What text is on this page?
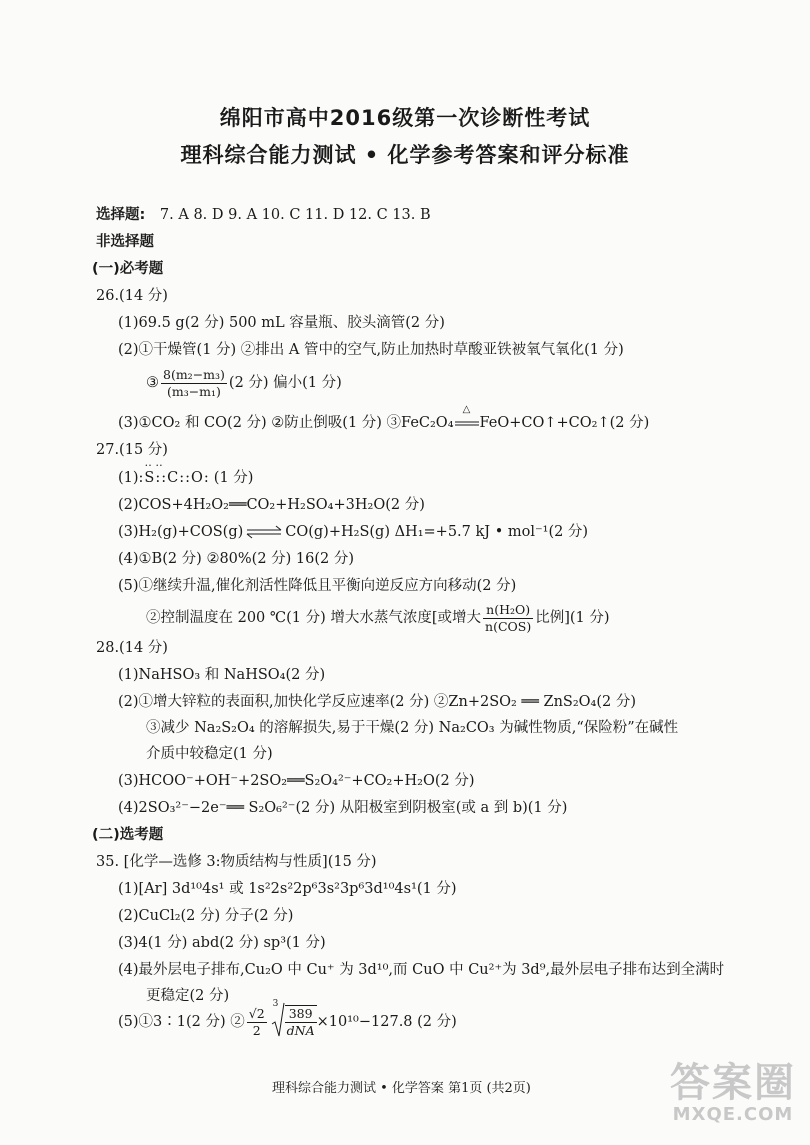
绵阳市高中2016级第一次诊断性考试
理科综合能力测试 • 化学参考答案和评分标准
选择题: 7. A 8. D 9. A 10. C 11. D 12. C 13. B
非选择题
(一)必考题
26.(14 分)
(1)69.5 g(2 分) 500 mL 容量瓶、胶头滴管(2 分)
(2)①干燥管(1 分) ②排出 A 管中的空气,防止加热时草酸亚铁被氧气氧化(1 分)
③ $\frac{\text{8(m₂−m₃)}}{\text{(m₃−m₁)}} (2$ 分) 偏小(1 分)
(3)①CO₂ 和 CO(2 分) ②防止倒吸(1 分) ③FeC₂O₄
△
FeO+CO↑+CO₂↑(2 分)
27.(15 分)
(1)
‥ ‥
:S::C::O: (1 分)
(2)COS+4H₂O₂══CO₂+H₂SO₄+3H₂O(2 分)
(3)H₂(g)+COS(g) ⇌ CO(g)+H₂S(g) ΔH₁=+5.7 kJ • mol⁻¹(2 分)
(4)①B(2 分) ②80%(2 分) 16(2 分)
(5)①继续升温,催化剂活性降低且平衡向逆反应方向移动(2 分)
②控制温度在 200 ℃(1 分) 增大水蒸气浓度[或增大 $\frac{\text{n(H₂O)}}{\text{n(COS)}}$ 比例](1 分)
28.(14 分)
(1)NaHSO₃ 和 NaHSO₄(2 分)
(2)①增大锌粒的表面积,加快化学反应速率(2 分) ②Zn+2SO₂ ══ ZnS₂O₄(2 分)
③减少 Na₂S₂O₄ 的溶解损失,易于干燥(2 分) Na₂CO₃ 为碱性物质,“保险粉”在碱性
介质中较稳定(1 分)
(3)HCOO⁻+OH⁻+2SO₂══S₂O₄²⁻+CO₂+H₂O(2 分)
(4)2SO₃²⁻−2e⁻══ S₂O₆²⁻(2 分) 从阳极室到阴极室(或 a 到 b)(1 分)
(二)选考题
35. [化学—选修 3:物质结构与性质](15 分)
(1)[Ar] 3d¹⁰4s¹ 或 1s²2s²2p⁶3s²3p⁶3d¹⁰4s¹(1 分)
(2)CuCl₂(2 分) 分子(2 分)
(3)4(1 分) abd(2 分) sp³(1 分)
(4)最外层电子排布,Cu₂O 中 Cu⁺ 为 3d¹⁰,而 CuO 中 Cu²⁺为 3d⁹,最外层电子排布达到全满时
更稳定(2 分)
(5)①3∶1(2 分) ② $\frac{√2}{2}$
3
$\frac{389}{\text{dNA}} \times 10^{10}-127.8$ (2 分)
理科综合能力测试 • 化学答案 第1页 (共2页)	答案圈
MXQE.COM
